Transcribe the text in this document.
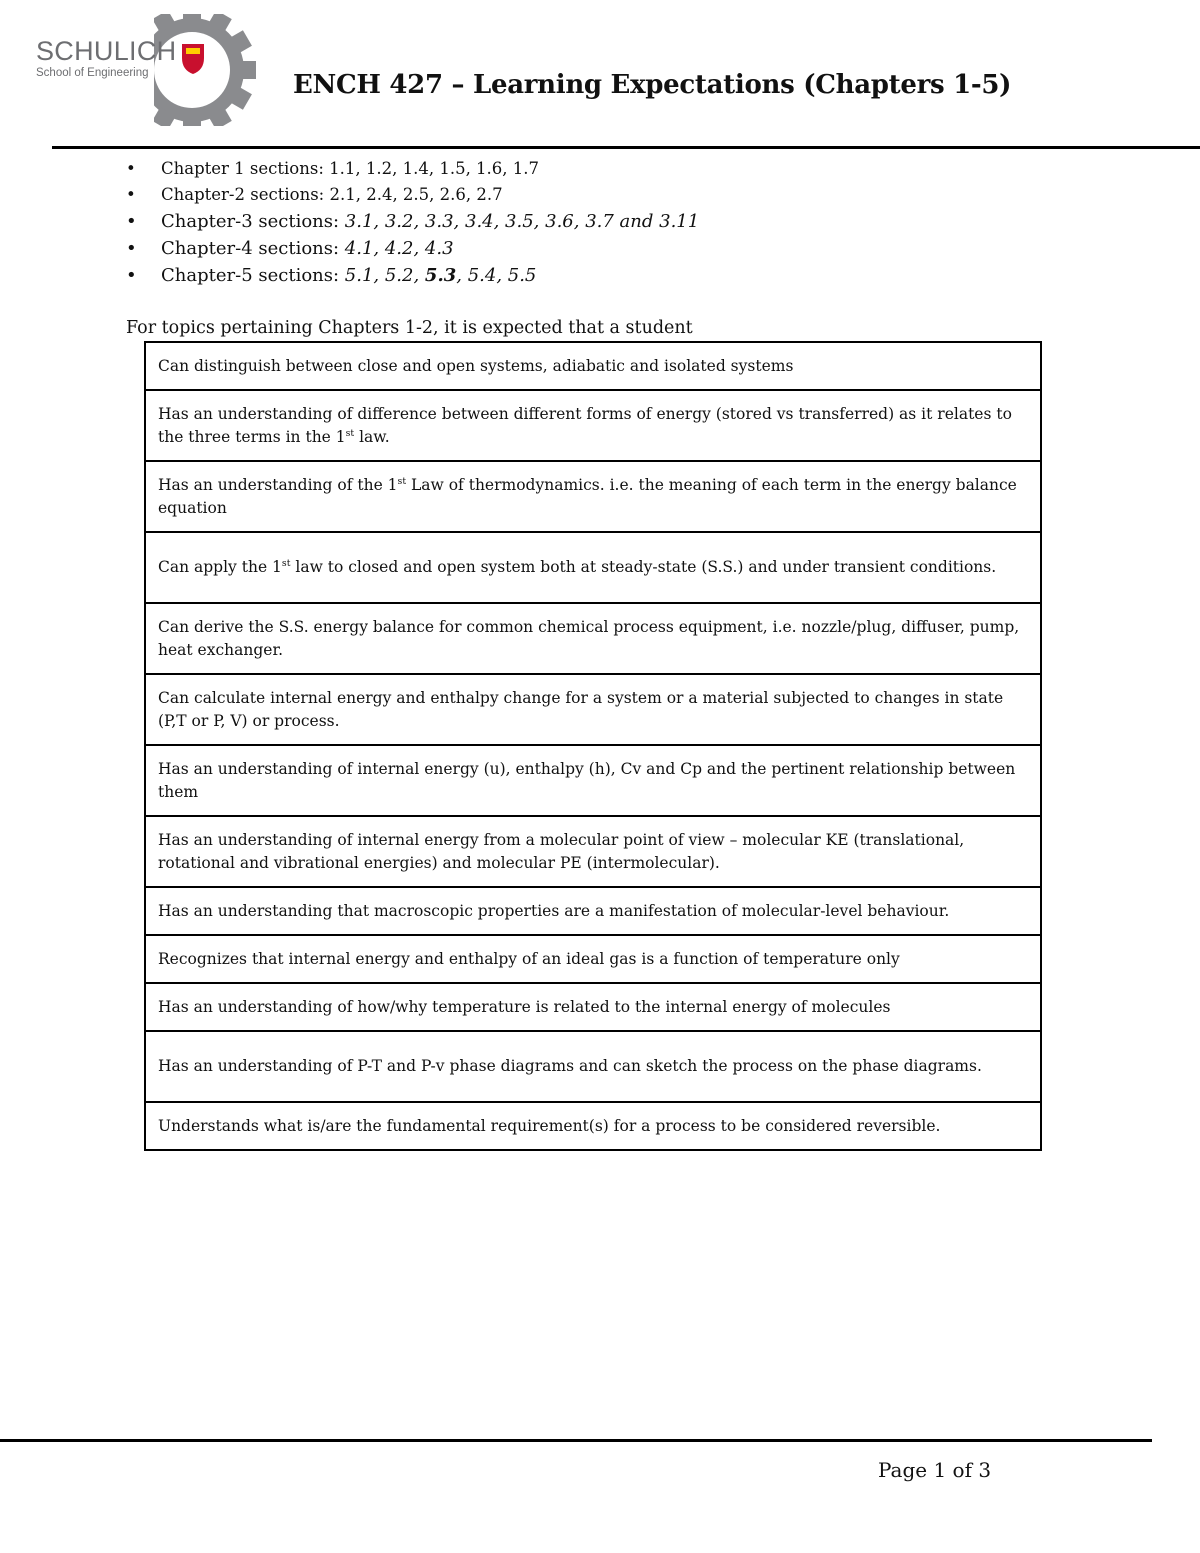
SCHULICH
School of Engineering	ENCH 427 – Learning Expectations (Chapters 1-5)
• Chapter 1 sections: 1.1, 1.2, 1.4, 1.5, 1.6, 1.7
• Chapter-2 sections: 2.1, 2.4, 2.5, 2.6, 2.7
• Chapter-3 sections: 3.1, 3.2, 3.3, 3.4, 3.5, 3.6, 3.7 and 3.11
• Chapter-4 sections: 4.1, 4.2, 4.3
• Chapter-5 sections: 5.1, 5.2, 5.3, 5.4, 5.5

For topics pertaining Chapters 1-2, it is expected that a student

Can distinguish between close and open systems, adiabatic and isolated systems
Has an understanding of difference between different forms of energy (stored vs transferred) as it relates to the three terms in the 1st law.
Has an understanding of the 1st Law of thermodynamics. i.e. the meaning of each term in the energy balance equation
Can apply the 1st law to closed and open system both at steady-state (S.S.) and under transient conditions.
Can derive the S.S. energy balance for common chemical process equipment, i.e. nozzle/plug, diffuser, pump, heat exchanger.
Can calculate internal energy and enthalpy change for a system or a material subjected to changes in state (P,T or P, V) or process.
Has an understanding of internal energy (u), enthalpy (h), Cv and Cp and the pertinent relationship between them
Has an understanding of internal energy from a molecular point of view – molecular KE (translational, rotational and vibrational energies) and molecular PE (intermolecular).
Has an understanding that macroscopic properties are a manifestation of molecular-level behaviour.
Recognizes that internal energy and enthalpy of an ideal gas is a function of temperature only
Has an understanding of how/why temperature is related to the internal energy of molecules
Has an understanding of P-T and P-v phase diagrams and can sketch the process on the phase diagrams.
Understands what is/are the fundamental requirement(s) for a process to be considered reversible.

Page 1 of 3
